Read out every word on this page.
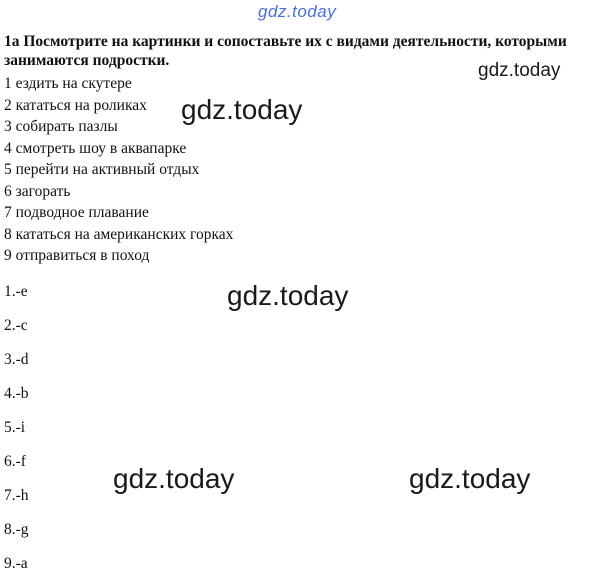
gdz.today
1а Посмотрите на картинки и сопоставьте их с видами деятельности, которыми занимаются подростки.
1 ездить на скутере
2 кататься на роликах
3 собирать пазлы
4 смотреть шоу в аквапарке
5 перейти на активный отдых
6 загорать
7 подводное плавание
8 кататься на американских горках
9 отправиться в поход
1.-e
2.-c
3.-d
4.-b
5.-i
6.-f
7.-h
8.-g
9.-a
gdz.today
gdz.today
gdz.today
gdz.today	gdz.today
